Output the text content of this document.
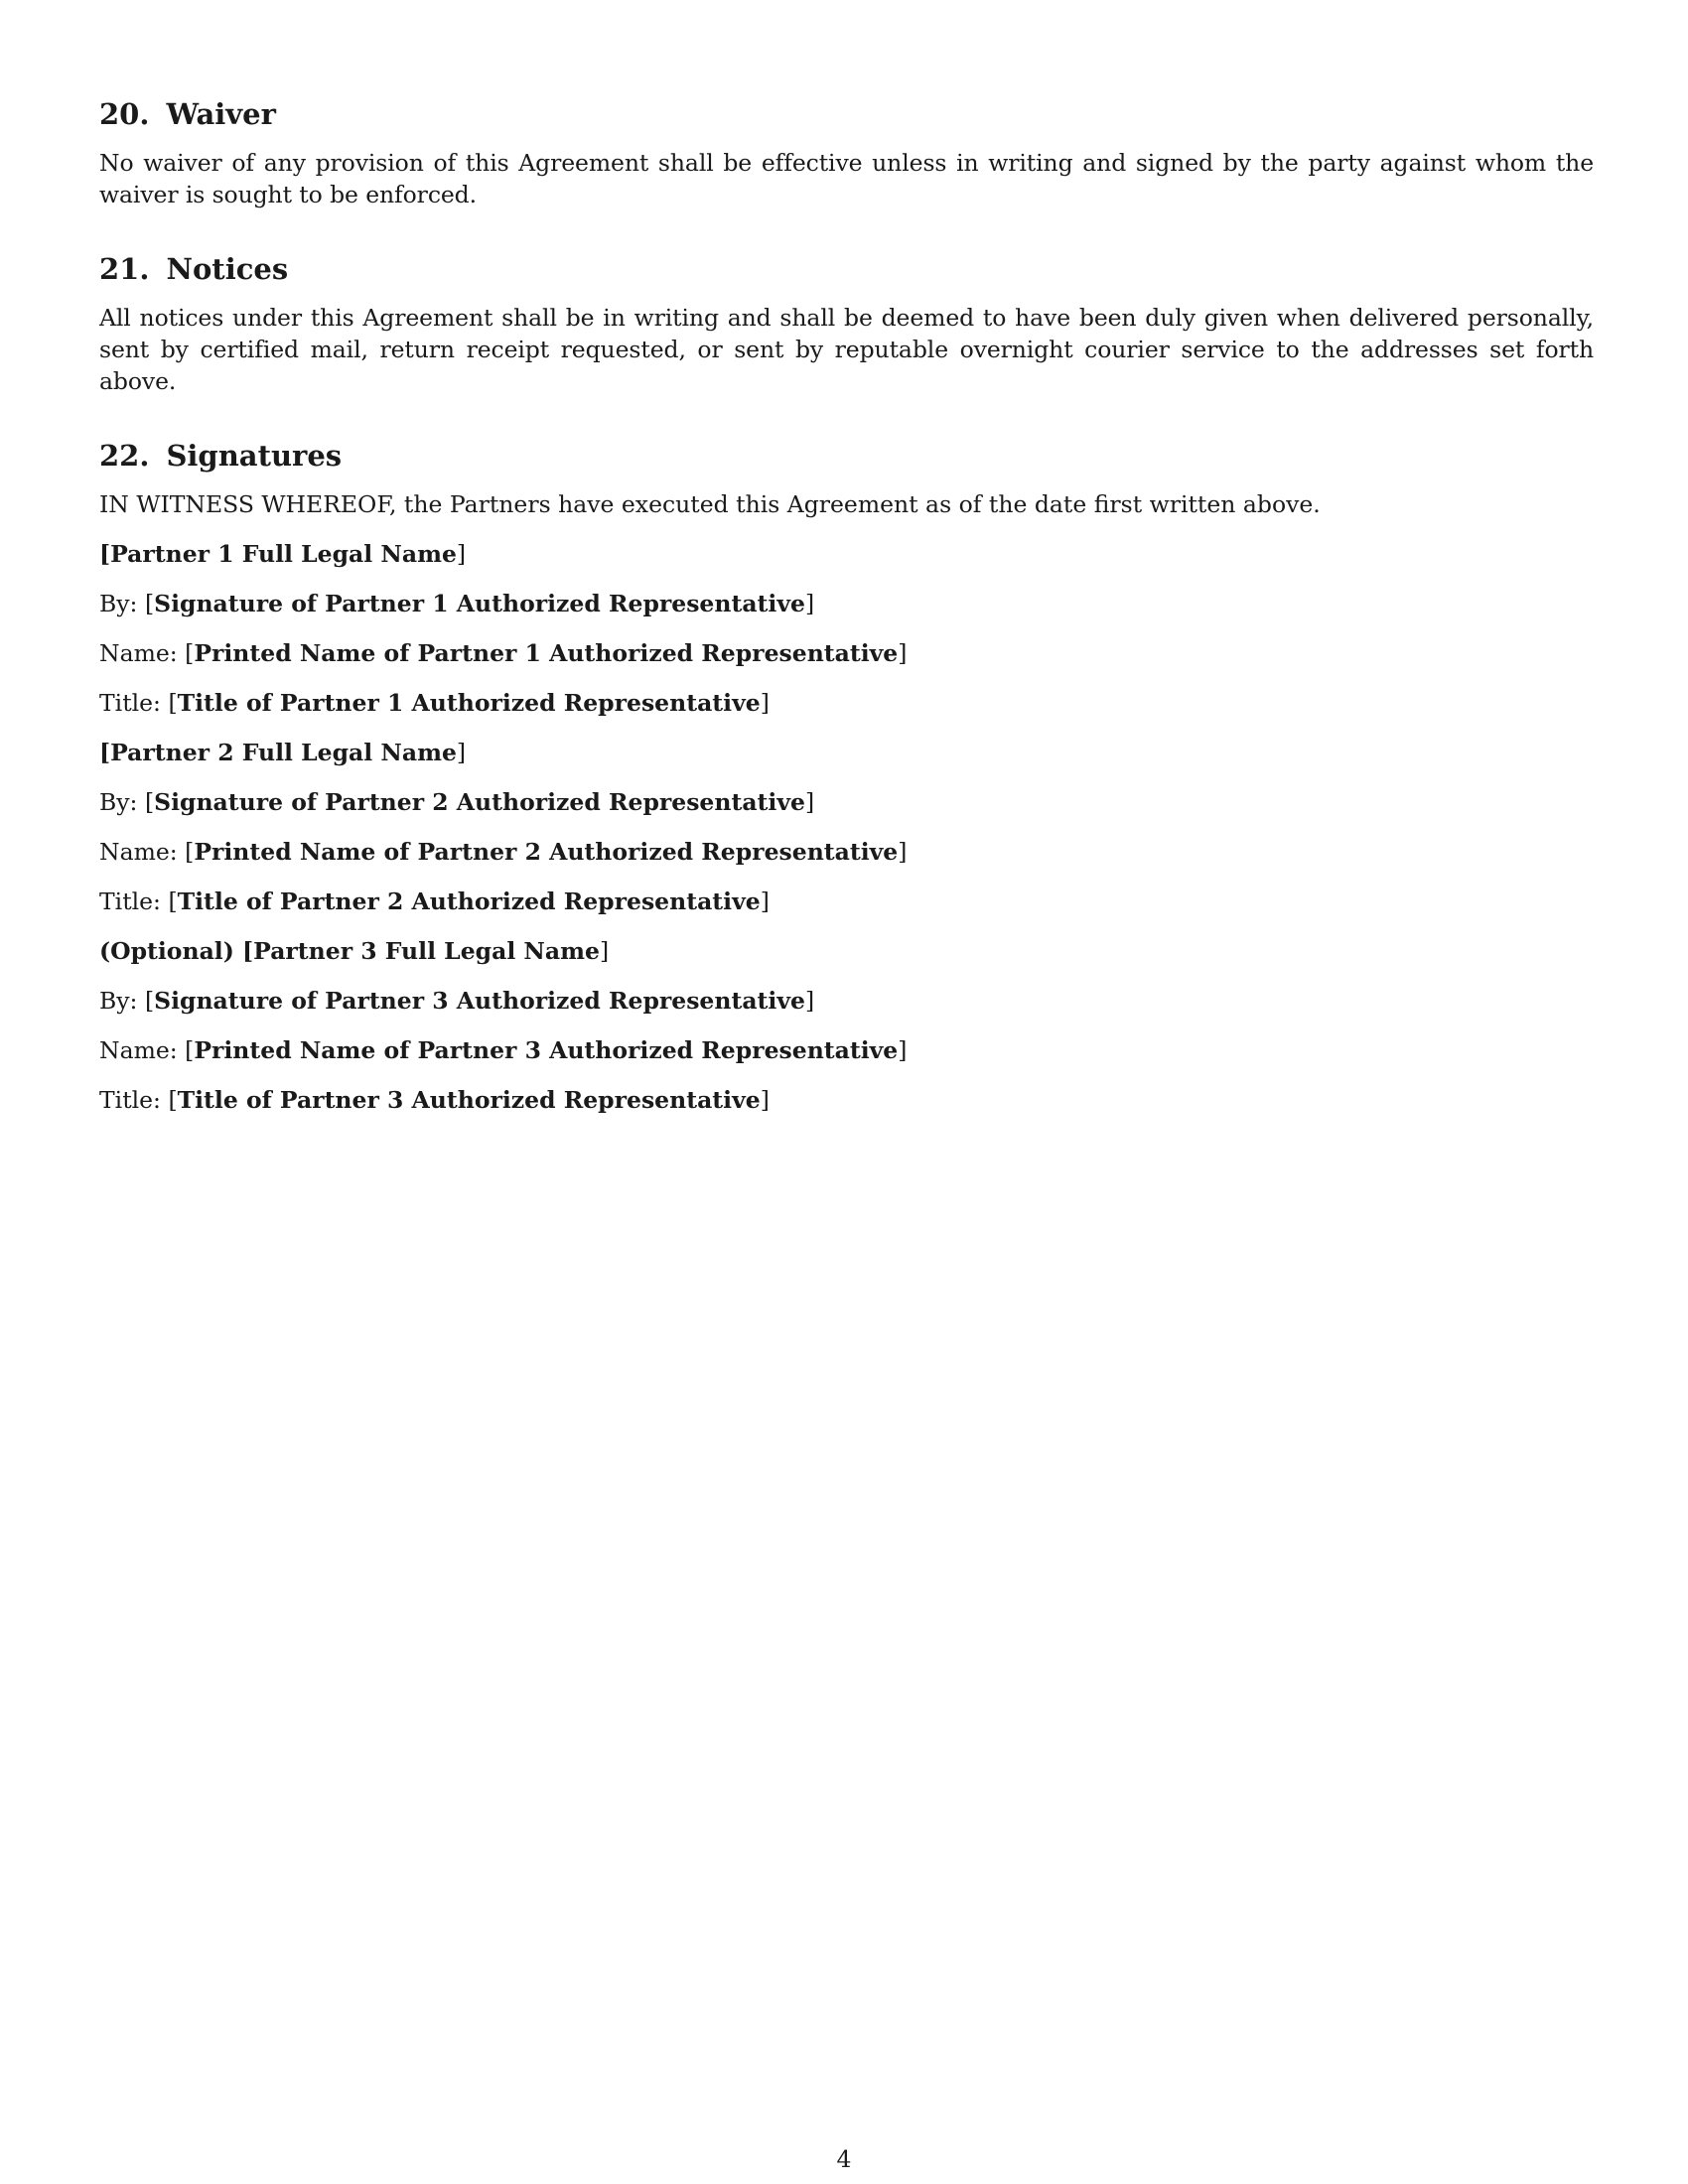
20. Waiver

No waiver of any provision of this Agreement shall be effective unless in writing and signed by the party against whom the waiver is sought to be enforced.

21. Notices

All notices under this Agreement shall be in writing and shall be deemed to have been duly given when delivered personally, sent by certified mail, return receipt requested, or sent by reputable overnight courier service to the addresses set forth above.

22. Signatures

IN WITNESS WHEREOF, the Partners have executed this Agreement as of the date first written above.

[Partner 1 Full Legal Name]

By: [Signature of Partner 1 Authorized Representative]

Name: [Printed Name of Partner 1 Authorized Representative]

Title: [Title of Partner 1 Authorized Representative]

[Partner 2 Full Legal Name]

By: [Signature of Partner 2 Authorized Representative]

Name: [Printed Name of Partner 2 Authorized Representative]

Title: [Title of Partner 2 Authorized Representative]

(Optional) [Partner 3 Full Legal Name]

By: [Signature of Partner 3 Authorized Representative]

Name: [Printed Name of Partner 3 Authorized Representative]

Title: [Title of Partner 3 Authorized Representative]

4
